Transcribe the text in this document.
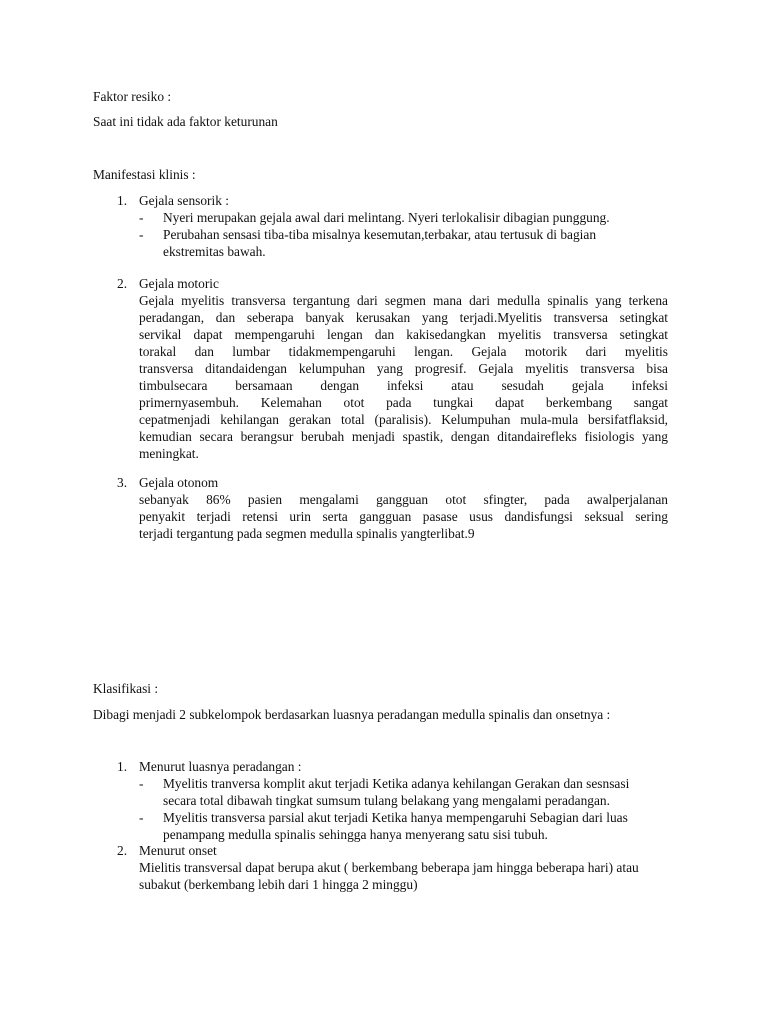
Faktor resiko :
Saat ini tidak ada faktor keturunan
Manifestasi klinis :
1. Gejala sensorik :
- Nyeri merupakan gejala awal dari melintang. Nyeri terlokalisir dibagian punggung.
- Perubahan sensasi tiba-tiba misalnya kesemutan,terbakar, atau tertusuk di bagian
ekstremitas bawah.
2. Gejala motoric
Gejala myelitis transversa tergantung dari segmen mana dari medulla spinalis yang terkena
peradangan, dan seberapa banyak kerusakan yang terjadi.Myelitis transversa setingkat
servikal dapat mempengaruhi lengan dan kakisedangkan myelitis transversa setingkat
torakal dan lumbar tidakmempengaruhi lengan. Gejala motorik dari myelitis
transversa ditandaidengan kelumpuhan yang progresif. Gejala myelitis transversa bisa
timbulsecara bersamaan dengan infeksi atau sesudah gejala infeksi
primernyasembuh. Kelemahan otot pada tungkai dapat berkembang sangat
cepatmenjadi kehilangan gerakan total (paralisis). Kelumpuhan mula-mula bersifatflaksid,
kemudian secara berangsur berubah menjadi spastik, dengan ditandairefleks fisiologis yang
meningkat.
3. Gejala otonom
sebanyak 86% pasien mengalami gangguan otot sfingter, pada awalperjalanan
penyakit terjadi retensi urin serta gangguan pasase usus dandisfungsi seksual sering
terjadi tergantung pada segmen medulla spinalis yangterlibat.9
Klasifikasi :
Dibagi menjadi 2 subkelompok berdasarkan luasnya peradangan medulla spinalis dan onsetnya :
1. Menurut luasnya peradangan :
- Myelitis tranversa komplit akut terjadi Ketika adanya kehilangan Gerakan dan sesnsasi
secara total dibawah tingkat sumsum tulang belakang yang mengalami peradangan.
- Myelitis transversa parsial akut terjadi Ketika hanya mempengaruhi Sebagian dari luas
penampang medulla spinalis sehingga hanya menyerang satu sisi tubuh.
2. Menurut onset
Mielitis transversal dapat berupa akut ( berkembang beberapa jam hingga beberapa hari) atau
subakut (berkembang lebih dari 1 hingga 2 minggu)
